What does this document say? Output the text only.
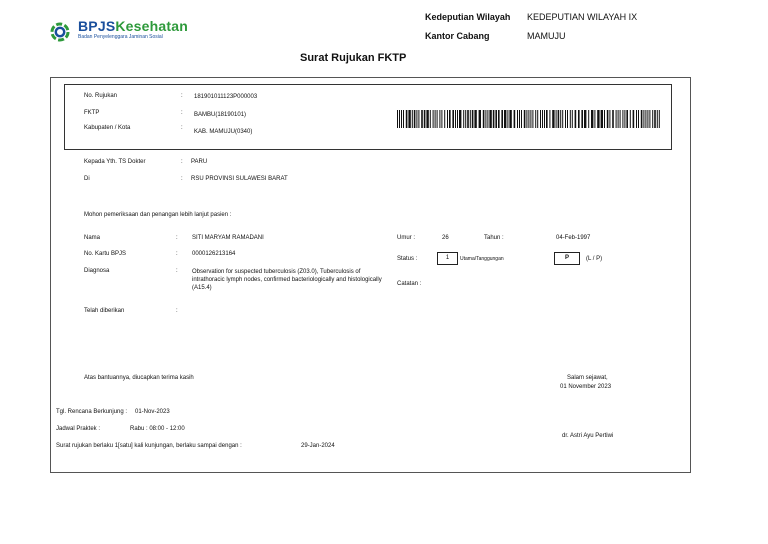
BPJSKesehatan
Badan Penyelenggara Jaminan Sosial
Kedeputian Wilayah KEDEPUTIAN WILAYAH IX
Kantor Cabang	MAMUJU
Surat Rujukan FKTP
No. Rujukan	: 181901011123P000003
FKTP	: BAMBU(18190101)
Kabupaten / Kota	:
KAB. MAMUJU(0340)
Kepada Yth. TS Dokter	: PARU
Di	: RSU PROVINSI SULAWESI BARAT
Mohon pemeriksaan dan penangan lebih lanjut pasien :
Nama	: SITI MARYAM RAMADANI
No. Kartu BPJS	: 0000126213164
Diagnosa	: Observation for suspected tuberculosis (Z03.0), Tuberculosis of intrathoracic lymph nodes, confirmed bacteriologically and histologically (A15.4)
Telah diberikan	:
Umur :	26	Tahun :	04-Feb-1997
Status :	1	Utama/Tanggungan	P	(L / P)
Catatan :
Atas bantuannya, diucapkan terima kasih	Salam sejawat,
01 November 2023
Tgl. Rencana Berkunjung : 01-Nov-2023
Jadwal Praktek :	Rabu : 08:00 - 12:00
Surat rujukan berlaku 1[satu] kali kunjungan, berlaku sampai dengan :	29-Jan-2024
dr. Astri Ayu Pertiwi
